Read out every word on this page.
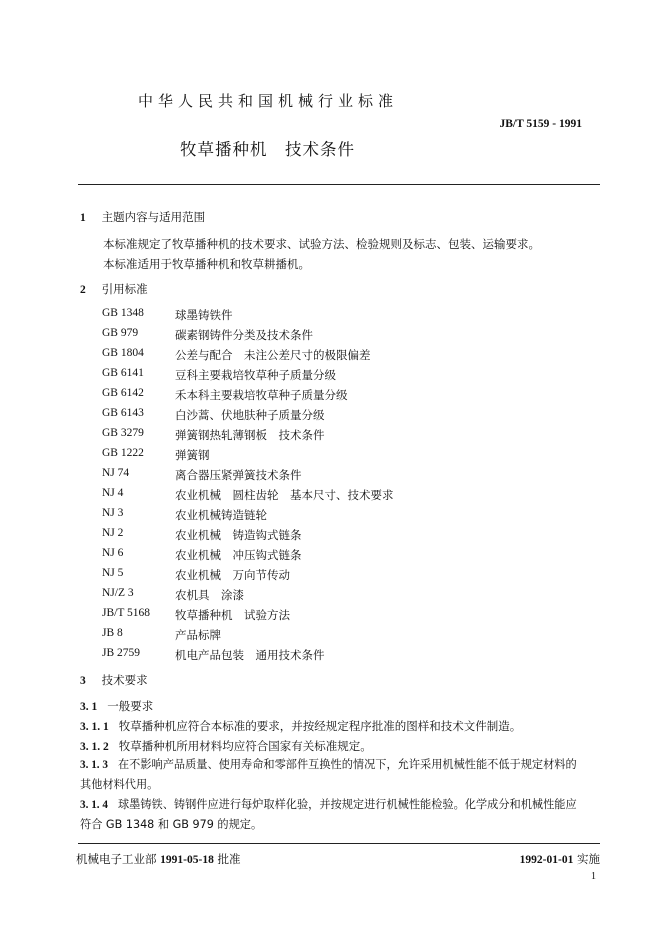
中华人民共和国机械行业标准
JB/T 5159 - 1991
牧草播种机　技术条件
1 主题内容与适用范围
本标准规定了牧草播种机的技术要求、试验方法、检验规则及标志、包装、运输要求。
本标准适用于牧草播种机和牧草耕播机。
2 引用标准
GB 1348	球墨铸铁件
GB 979	碳素钢铸件分类及技术条件
GB 1804	公差与配合　未注公差尺寸的极限偏差
GB 6141	豆科主要栽培牧草种子质量分级
GB 6142	禾本科主要栽培牧草种子质量分级
GB 6143	白沙蒿、伏地肤种子质量分级
GB 3279	弹簧钢热轧薄钢板　技术条件
GB 1222	弹簧钢
NJ 74	离合器压紧弹簧技术条件
NJ 4	农业机械　圆柱齿轮　基本尺寸、技术要求
NJ 3	农业机械铸造链轮
NJ 2	农业机械　铸造钩式链条
NJ 6	农业机械　冲压钩式链条
NJ 5	农业机械　万向节传动
NJ/Z 3	农机具　涂漆
JB/T 5168 牧草播种机　试验方法
JB 8	产品标牌
JB 2759	机电产品包装　通用技术条件
3 技术要求
3. 1 一般要求
3. 1. 1 牧草播种机应符合本标准的要求，并按经规定程序批准的图样和技术文件制造。
3. 1. 2 牧草播种机所用材料均应符合国家有关标准规定。
3. 1. 3 在不影响产品质量、使用寿命和零部件互换性的情况下，允许采用机械性能不低于规定材料的
其他材料代用。
3. 1. 4 球墨铸铁、铸钢件应进行每炉取样化验，并按规定进行机械性能检验。化学成分和机械性能应
符合 GB 1348 和 GB 979 的规定。
机械电子工业部 1991-05-18 批准	1992-01-01 实施
1
